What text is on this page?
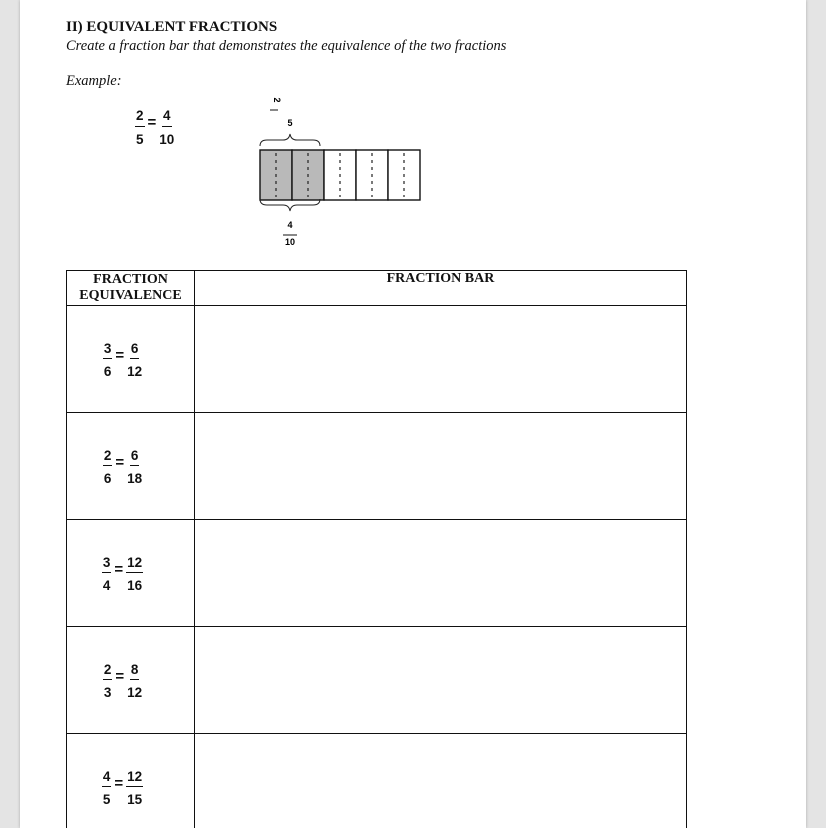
II) EQUIVALENT FRACTIONS
Create a fraction bar that demonstrates the equivalence of the two fractions
Example:
$\frac{2}{5} = \frac{4}{10}$
2
5
4
10
FRACTION EQUIVALENCE	FRACTION BAR

$\frac{3}{6} = \frac{6}{12}$

$\frac{2}{6} = \frac{6}{18}$

$\frac{3}{4} = \frac{12}{16}$

$\frac{2}{3} = \frac{8}{12}$

$\frac{4}{5} = \frac{12}{15}$
